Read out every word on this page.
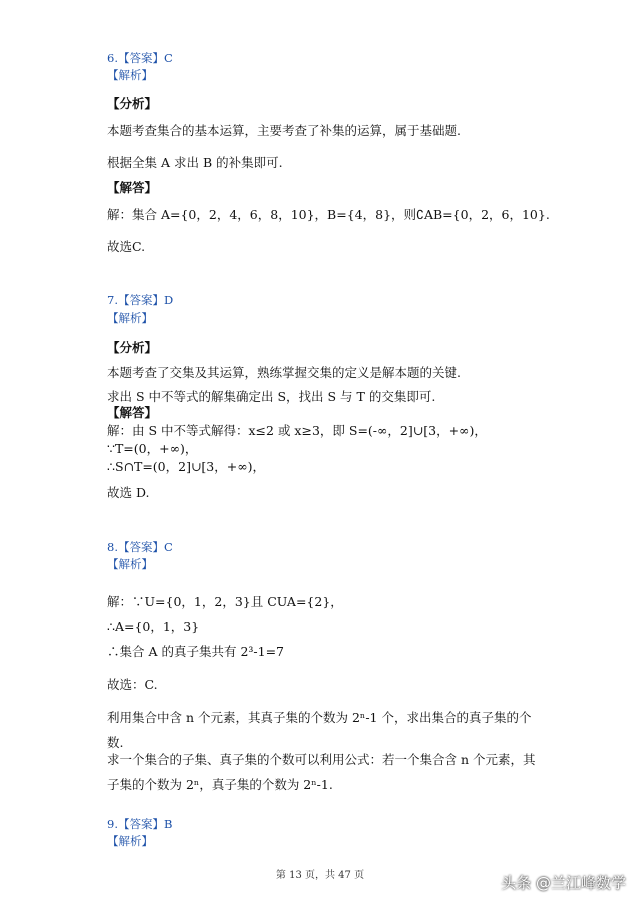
6.【答案】C
【解析】
【分析】
本题考查集合的基本运算，主要考查了补集的运算，属于基础题.
根据全集 A 求出 B 的补集即可.
【解答】
解：集合 A={0，2，4，6，8，10}，B={4，8}，则∁AB={0，2，6，10}.
故选C.
7.【答案】D
【解析】
【分析】
本题考查了交集及其运算，熟练掌握交集的定义是解本题的关键.
求出 S 中不等式的解集确定出 S，找出 S 与 T 的交集即可.
【解答】
解：由 S 中不等式解得：x≤2 或 x≥3，即 S=(-∞，2]∪[3，+∞)，
∵T=(0，+∞)，
∴S∩T=(0，2]∪[3，+∞)，
故选 D.
8.【答案】C
【解析】
解：∵U={0，1，2，3}且 CUA={2}，
∴A={0，1，3}
∴集合 A 的真子集共有 2³-1=7
故选：C.
利用集合中含 n 个元素，其真子集的个数为 2ⁿ-1 个，求出集合的真子集的个
数.
求一个集合的子集、真子集的个数可以利用公式：若一个集合含 n 个元素，其
子集的个数为 2ⁿ，真子集的个数为 2ⁿ-1.
9.【答案】B
【解析】
第 13 页，共 47 页	头条 @兰江峰数学
